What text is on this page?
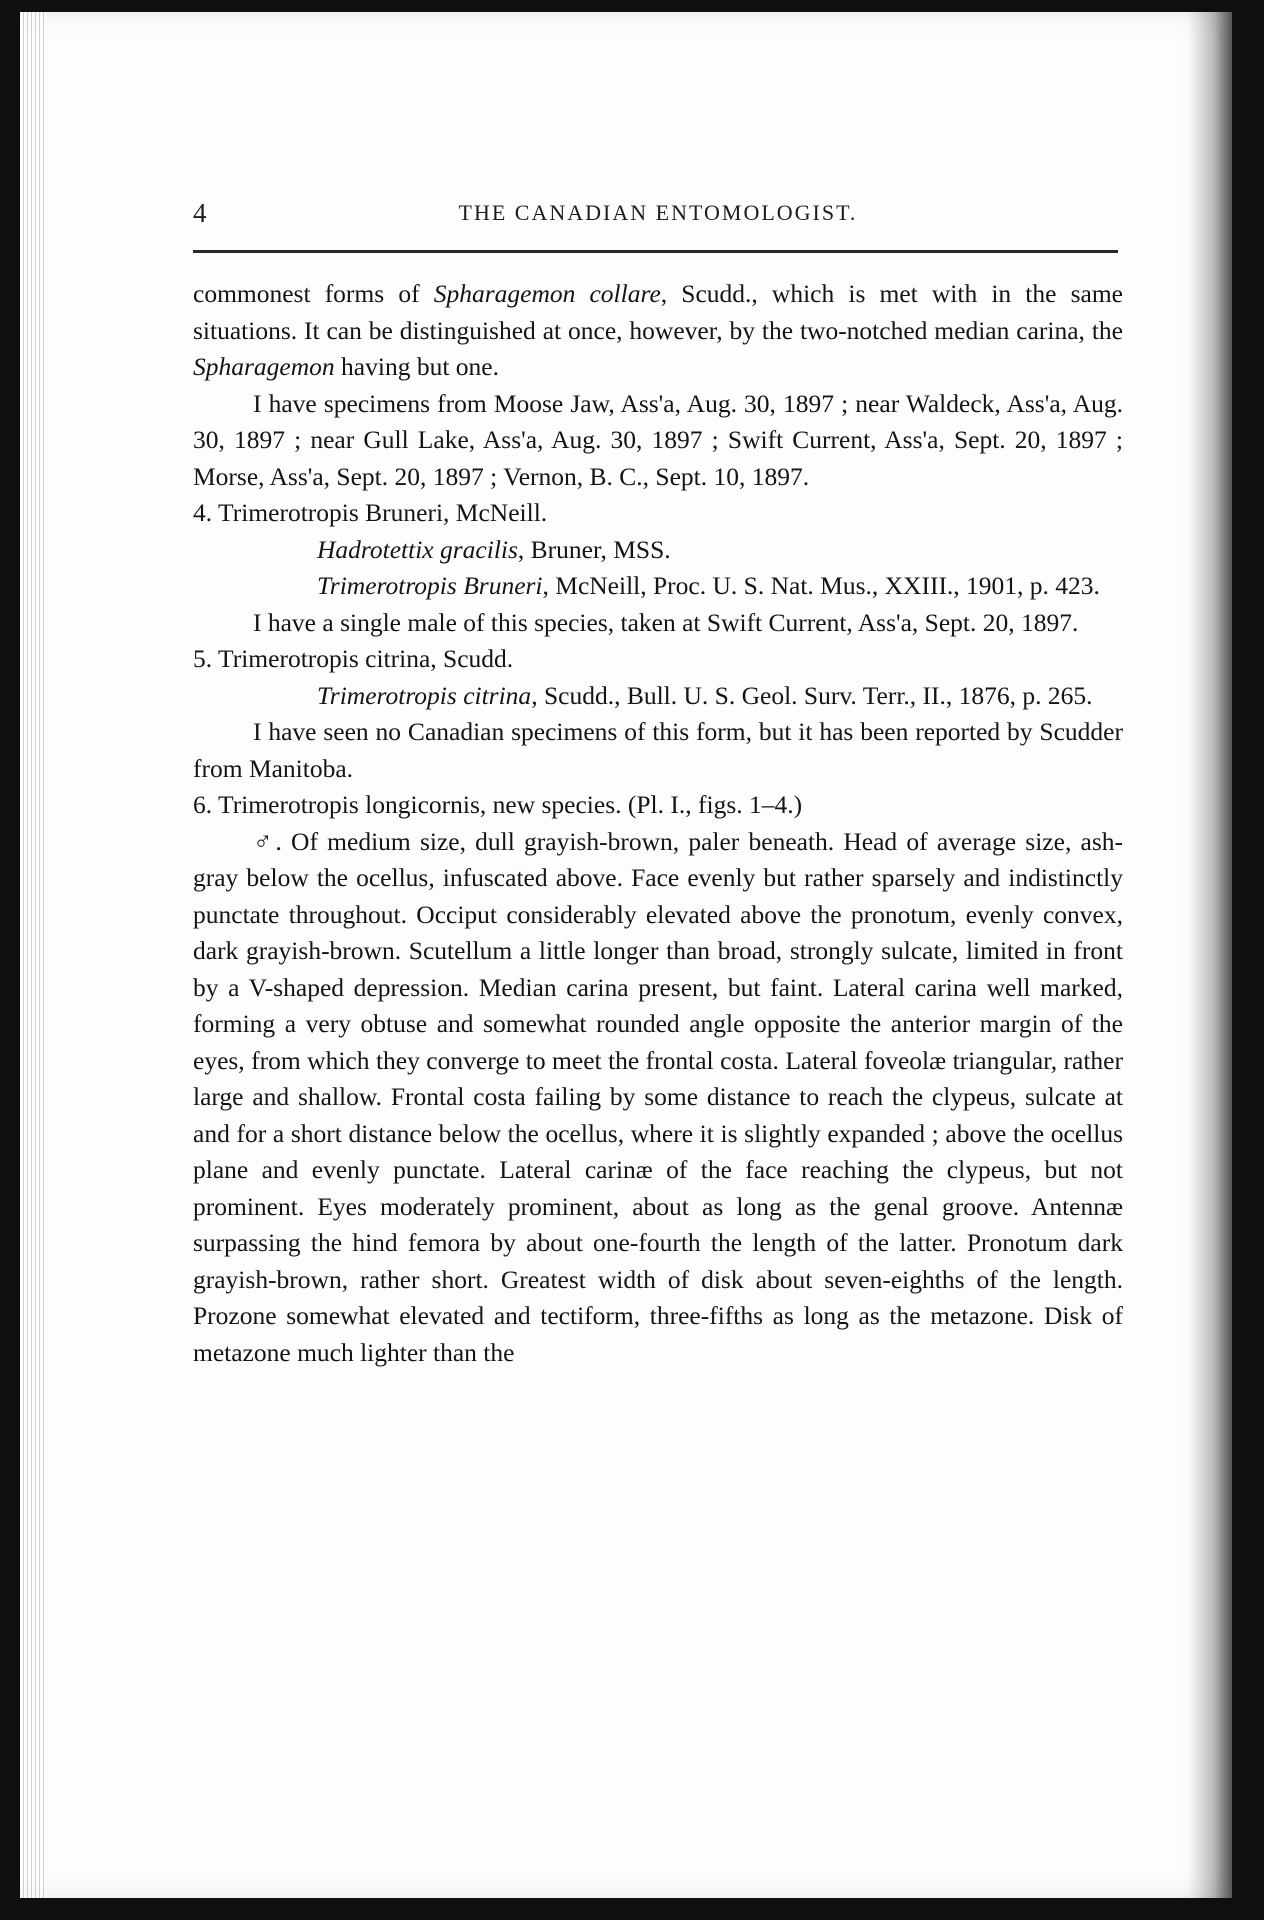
4	THE CANADIAN ENTOMOLOGIST.

commonest forms of Spharagemon collare, Scudd., which is met with in the same situations. It can be distinguished at once, however, by the two-notched median carina, the Spharagemon having but one.

I have specimens from Moose Jaw, Ass'a, Aug. 30, 1897 ; near Waldeck, Ass'a, Aug. 30, 1897 ; near Gull Lake, Ass'a, Aug. 30, 1897 ; Swift Current, Ass'a, Sept. 20, 1897 ; Morse, Ass'a, Sept. 20, 1897 ; Vernon, B. C., Sept. 10, 1897.

4. Trimerotropis Bruneri, McNeill.

Hadrotettix gracilis, Bruner, MSS.

Trimerotropis Bruneri, McNeill, Proc. U. S. Nat. Mus., XXIII., 1901, p. 423.

I have a single male of this species, taken at Swift Current, Ass'a, Sept. 20, 1897.

5. Trimerotropis citrina, Scudd.

Trimerotropis citrina, Scudd., Bull. U. S. Geol. Surv. Terr., II., 1876, p. 265.

I have seen no Canadian specimens of this form, but it has been reported by Scudder from Manitoba.

6. Trimerotropis longicornis, new species. (Pl. I., figs. 1–4.)

♂. Of medium size, dull grayish-brown, paler beneath. Head of average size, ash-gray below the ocellus, infuscated above. Face evenly but rather sparsely and indistinctly punctate throughout. Occiput considerably elevated above the pronotum, evenly convex, dark grayish-brown. Scutellum a little longer than broad, strongly sulcate, limited in front by a V-shaped depression. Median carina present, but faint. Lateral carina well marked, forming a very obtuse and somewhat rounded angle opposite the anterior margin of the eyes, from which they converge to meet the frontal costa. Lateral foveolæ triangular, rather large and shallow. Frontal costa failing by some distance to reach the clypeus, sulcate at and for a short distance below the ocellus, where it is slightly expanded ; above the ocellus plane and evenly punctate. Lateral carinæ of the face reaching the clypeus, but not prominent. Eyes moderately prominent, about as long as the genal groove. Antennæ surpassing the hind femora by about one-fourth the length of the latter. Pronotum dark grayish-brown, rather short. Greatest width of disk about seven-eighths of the length. Prozone somewhat elevated and tectiform, three-fifths as long as the metazone. Disk of metazone much lighter than the
